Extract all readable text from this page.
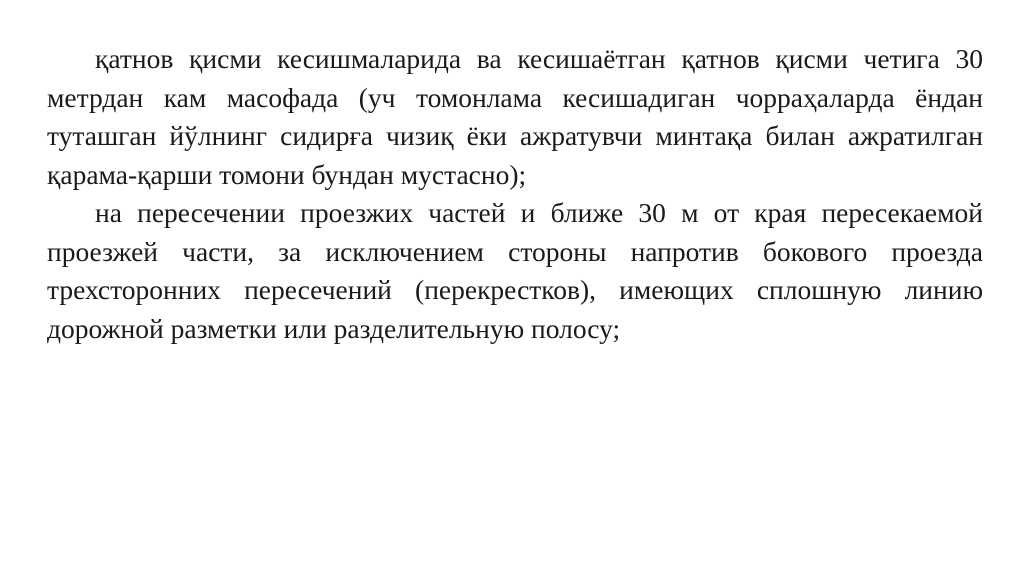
қатнов қисми кесишмаларида ва кесишаётган қатнов қисми четига 30 метрдан кам масофада (уч томонлама кесишадиган чорраҳаларда ёндан туташган йўлнинг сидирға чизиқ ёки ажратувчи минтақа билан ажратилган қарама-қарши томони бундан мустасно);

на пересечении проезжих частей и ближе 30 м от края пересекаемой проезжей части, за исключением стороны напротив бокового проезда трехсторонних пересечений (перекрестков), имеющих сплошную линию дорожной разметки или разделительную полосу;
